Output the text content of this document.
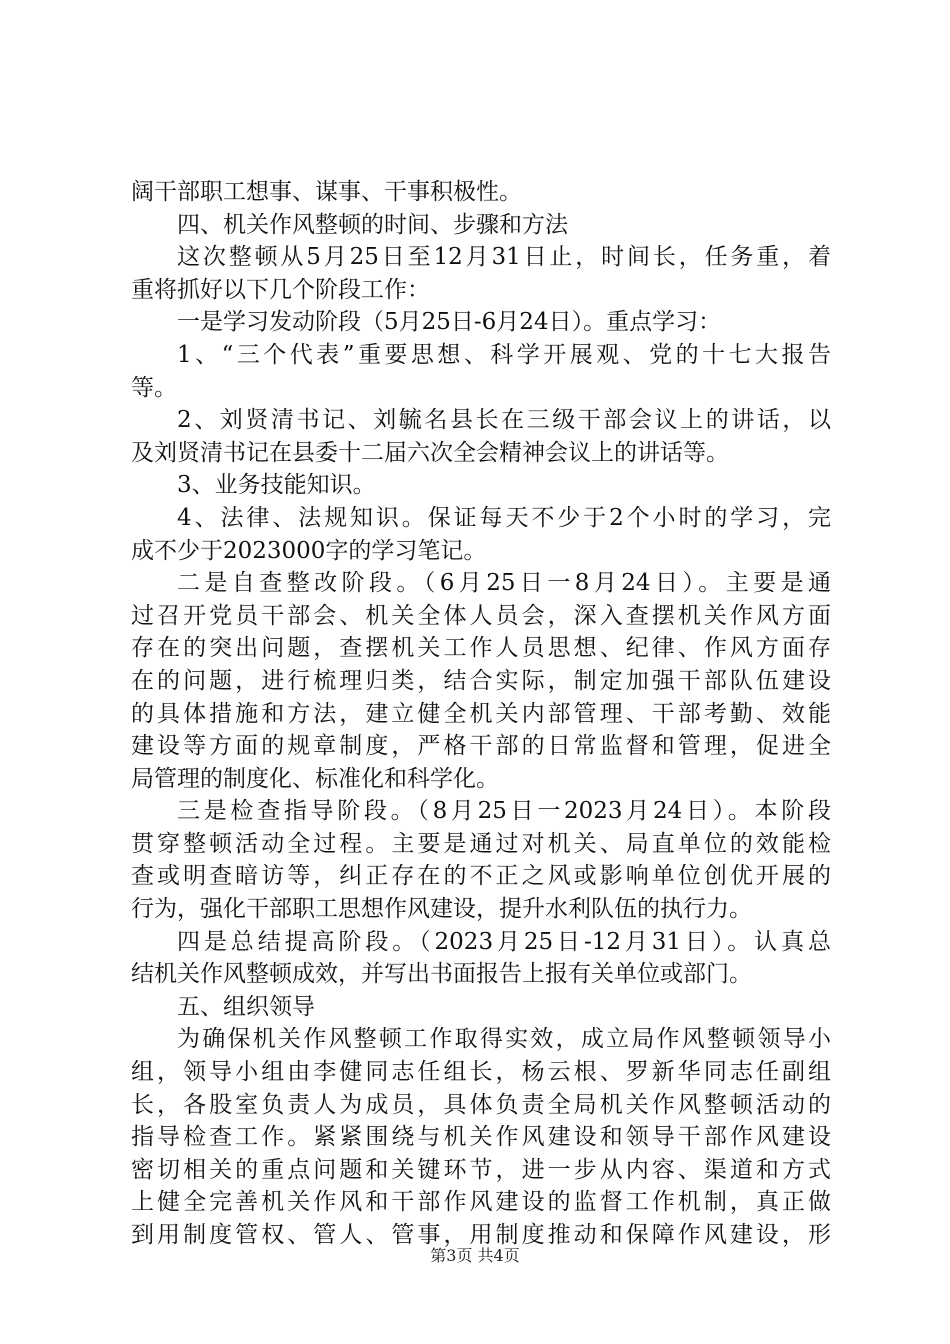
阔干部职工想事、谋事、干事积极性。
四、机关作风整顿的时间、步骤和方法
这次整顿从5月25日至12月31日止，时间长，任务重，着
重将抓好以下几个阶段工作：
一是学习发动阶段（5月25日-6月24日）。重点学习：
1、“三个代表”重要思想、科学开展观、党的十七大报告
等。
2、刘贤清书记、刘毓名县长在三级干部会议上的讲话，以
及刘贤清书记在县委十二届六次全会精神会议上的讲话等。
3、业务技能知识。
4、法律、法规知识。保证每天不少于2个小时的学习，完
成不少于2023000字的学习笔记。
二是自查整改阶段。（6月25日一8月24日）。主要是通
过召开党员干部会、机关全体人员会，深入查摆机关作风方面
存在的突出问题，查摆机关工作人员思想、纪律、作风方面存
在的问题，进行梳理归类，结合实际，制定加强干部队伍建设
的具体措施和方法，建立健全机关内部管理、干部考勤、效能
建设等方面的规章制度，严格干部的日常监督和管理，促进全
局管理的制度化、标准化和科学化。
三是检查指导阶段。（8月25日一2023月24日）。本阶段
贯穿整顿活动全过程。主要是通过对机关、局直单位的效能检
查或明查暗访等，纠正存在的不正之风或影响单位创优开展的
行为，强化干部职工思想作风建设，提升水利队伍的执行力。
四是总结提高阶段。（2023月25日-12月31日）。认真总
结机关作风整顿成效，并写出书面报告上报有关单位或部门。
五、组织领导
为确保机关作风整顿工作取得实效，成立局作风整顿领导小
组，领导小组由李健同志任组长，杨云根、罗新华同志任副组
长，各股室负责人为成员，具体负责全局机关作风整顿活动的
指导检查工作。紧紧围绕与机关作风建设和领导干部作风建设
密切相关的重点问题和关键环节，进一步从内容、渠道和方式
上健全完善机关作风和干部作风建设的监督工作机制，真正做
到用制度管权、管人、管事，用制度推动和保障作风建设，形
第3页 共4页
